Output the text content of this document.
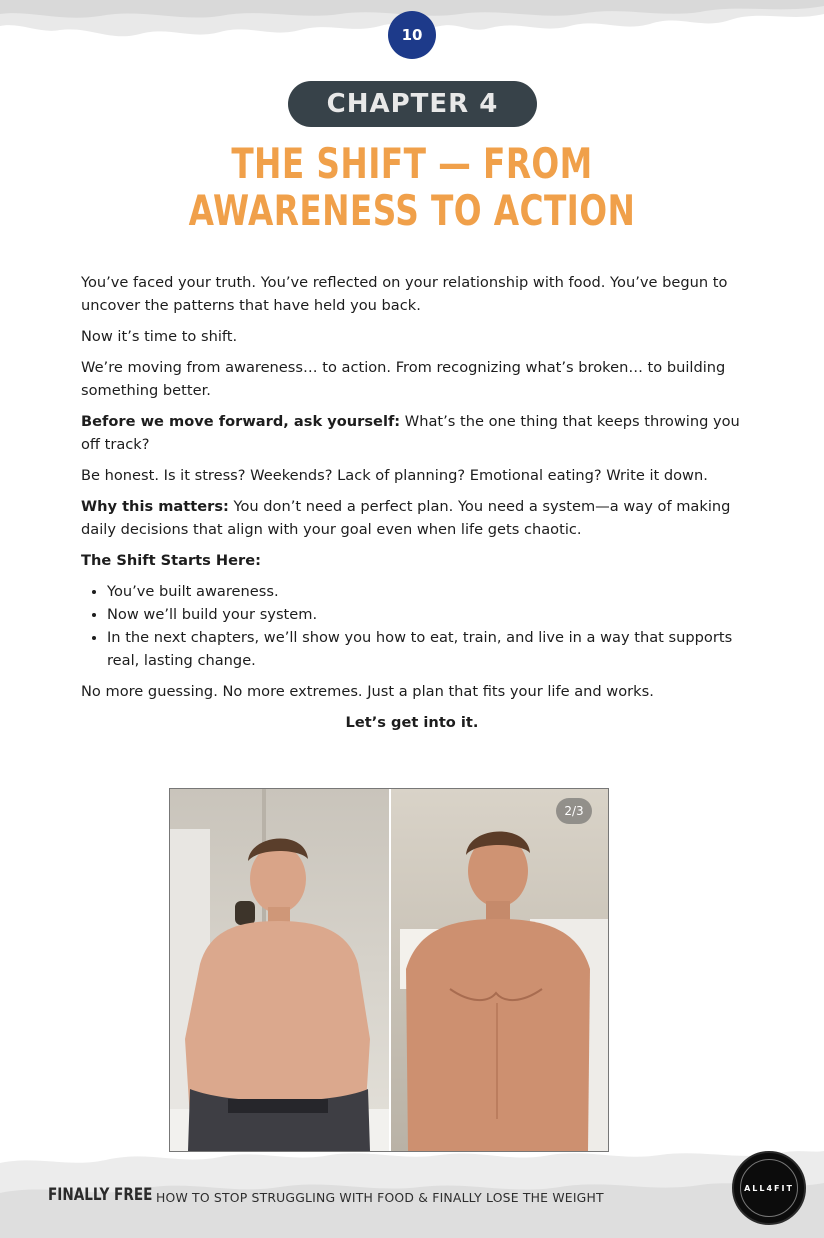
10
CHAPTER 4
THE SHIFT — FROM
AWARENESS TO ACTION

You’ve faced your truth. You’ve reflected on your relationship with food. You’ve begun to uncover the patterns that have held you back.

Now it’s time to shift.

We’re moving from awareness… to action. From recognizing what’s broken… to building something better.

Before we move forward, ask yourself: What’s the one thing that keeps throwing you off track?

Be honest. Is it stress? Weekends? Lack of planning? Emotional eating? Write it down.

Why this matters: You don’t need a perfect plan. You need a system—a way of making daily decisions that align with your goal even when life gets chaotic.

The Shift Starts Here:

• You’ve built awareness.
• Now we’ll build your system.
• In the next chapters, we’ll show you how to eat, train, and live in a way that supports real, lasting change.

No more guessing. No more extremes. Just a plan that fits your life and works.

Let’s get into it.

2/3
FINALLY FREE HOW TO STOP STRUGGLING WITH FOOD & FINALLY LOSE THE WEIGHT
ALL4FIT
